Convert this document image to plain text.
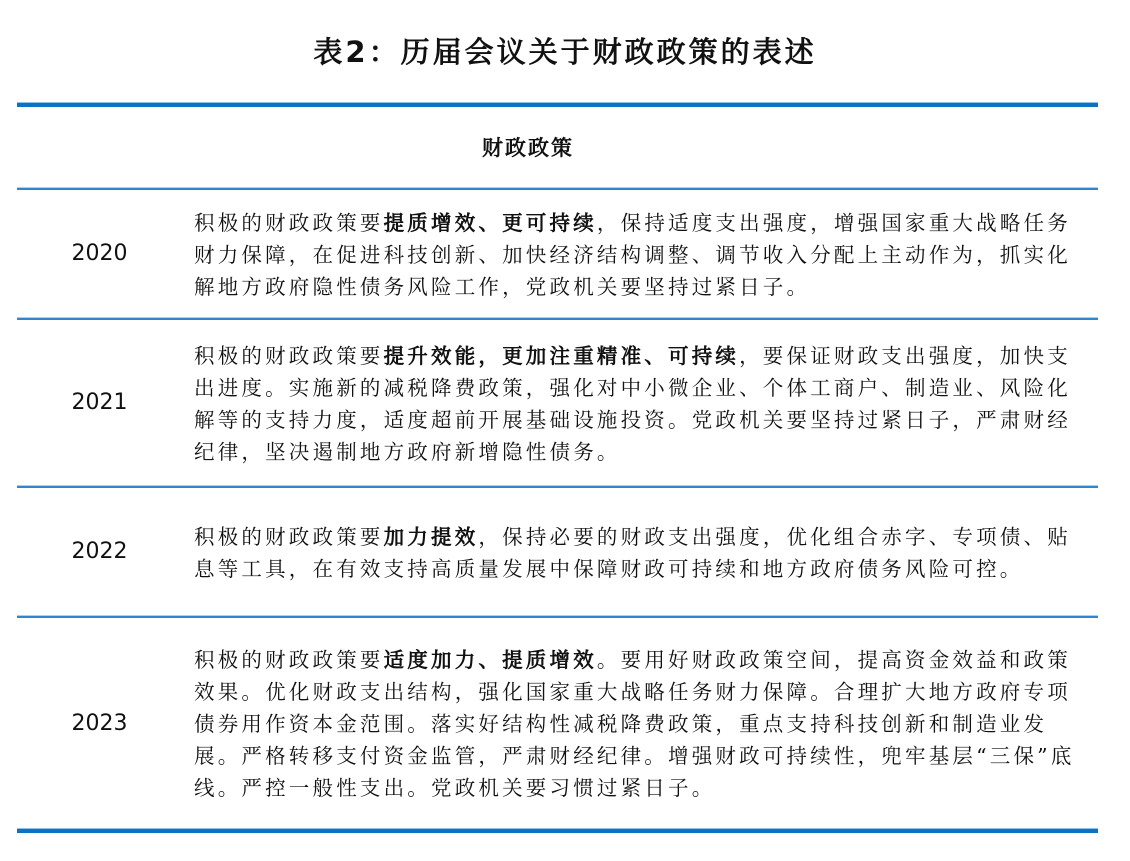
表2：历届会议关于财政政策的表述
财政政策
2020
积极的财政政策要提质增效、更可持续，保持适度支出强度，增强国家重大战略任务财力保障，在促进科技创新、加快经济结构调整、调节收入分配上主动作为，抓实化解地方政府隐性债务风险工作，党政机关要坚持过紧日子。
2021
积极的财政政策要提升效能，更加注重精准、可持续，要保证财政支出强度，加快支出进度。实施新的减税降费政策，强化对中小微企业、个体工商户、制造业、风险化解等的支持力度，适度超前开展基础设施投资。党政机关要坚持过紧日子，严肃财经纪律，坚决遏制地方政府新增隐性债务。
2022
积极的财政政策要加力提效，保持必要的财政支出强度，优化组合赤字、专项债、贴息等工具，在有效支持高质量发展中保障财政可持续和地方政府债务风险可控。
2023
积极的财政政策要适度加力、提质增效。要用好财政政策空间，提高资金效益和政策效果。优化财政支出结构，强化国家重大战略任务财力保障。合理扩大地方政府专项债券用作资本金范围。落实好结构性减税降费政策，重点支持科技创新和制造业发展。严格转移支付资金监管，严肃财经纪律。增强财政可持续性，兜牢基层“三保”底线。严控一般性支出。党政机关要习惯过紧日子。
